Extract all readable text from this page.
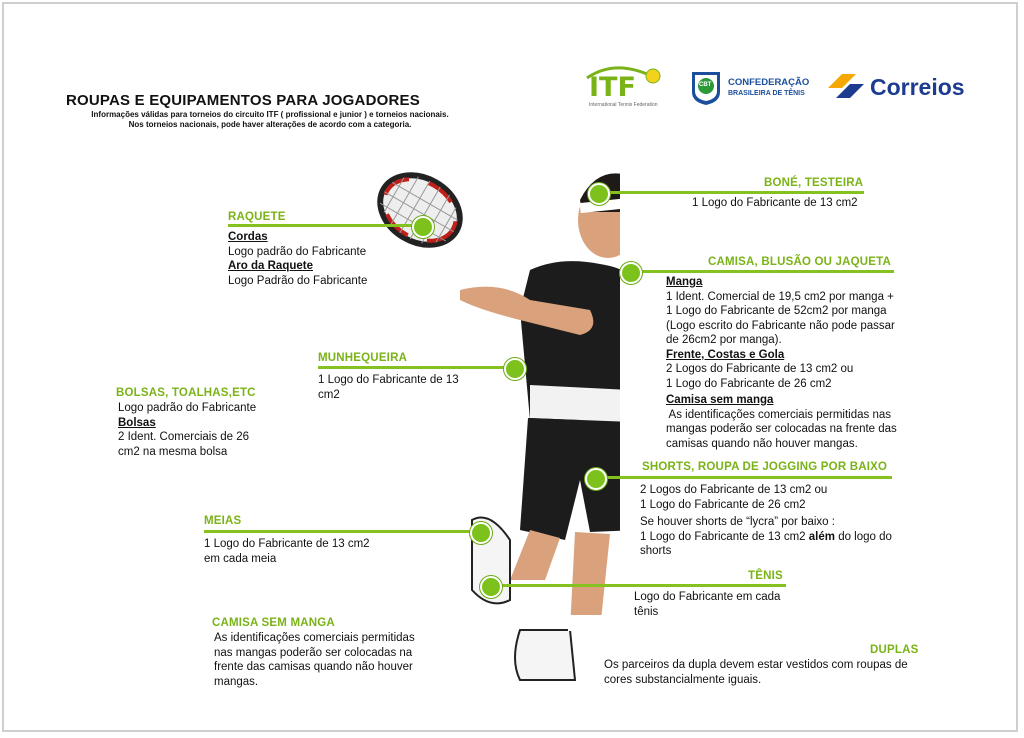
ROUPAS E EQUIPAMENTOS PARA JOGADORES
Informações válidas para torneios do circuito ITF ( profissional e junior ) e torneios nacionais.
Nos torneios nacionais, pode haver alterações de acordo com a categoria.
ITF
International Tennis Federation
CBT CONFEDERAÇÃO
BRASILEIRA DE TÊNIS	Correios
RAQUETE
Cordas
Logo padrão do Fabricante
Aro da Raquete
Logo Padrão do Fabricante
BONÉ, TESTEIRA
1 Logo do Fabricante de 13 cm2
CAMISA, BLUSÃO OU JAQUETA
Manga
1 Ident. Comercial de 19,5 cm2 por manga +
1 Logo do Fabricante de 52cm2 por manga
(Logo escrito do Fabricante não pode passar
de 26cm2 por manga).
Frente, Costas e Gola
2 Logos do Fabricante de 13 cm2 ou
1 Logo do Fabricante de 26 cm2
Camisa sem manga
As identificações comerciais permitidas nas
mangas poderão ser colocadas na frente das
camisas quando não houver mangas.
MUNHEQUEIRA
1 Logo do Fabricante de 13
cm2
BOLSAS, TOALHAS,ETC
Logo padrão do Fabricante
Bolsas
2 Ident. Comerciais de 26
cm2 na mesma bolsa
SHORTS, ROUPA DE JOGGING POR BAIXO
2 Logos do Fabricante de 13 cm2 ou
1 Logo do Fabricante de 26 cm2
Se houver shorts de “lycra” por baixo :
1 Logo do Fabricante de 13 cm2 além do logo do
shorts
MEIAS
1 Logo do Fabricante de 13 cm2
em cada meia
TÊNIS
Logo do Fabricante em cada
tênis
CAMISA SEM MANGA
As identificações comerciais permitidas
nas mangas poderão ser colocadas na
frente das camisas quando não houver
mangas.
DUPLAS
Os parceiros da dupla devem estar vestidos com roupas de
cores substancialmente iguais.
